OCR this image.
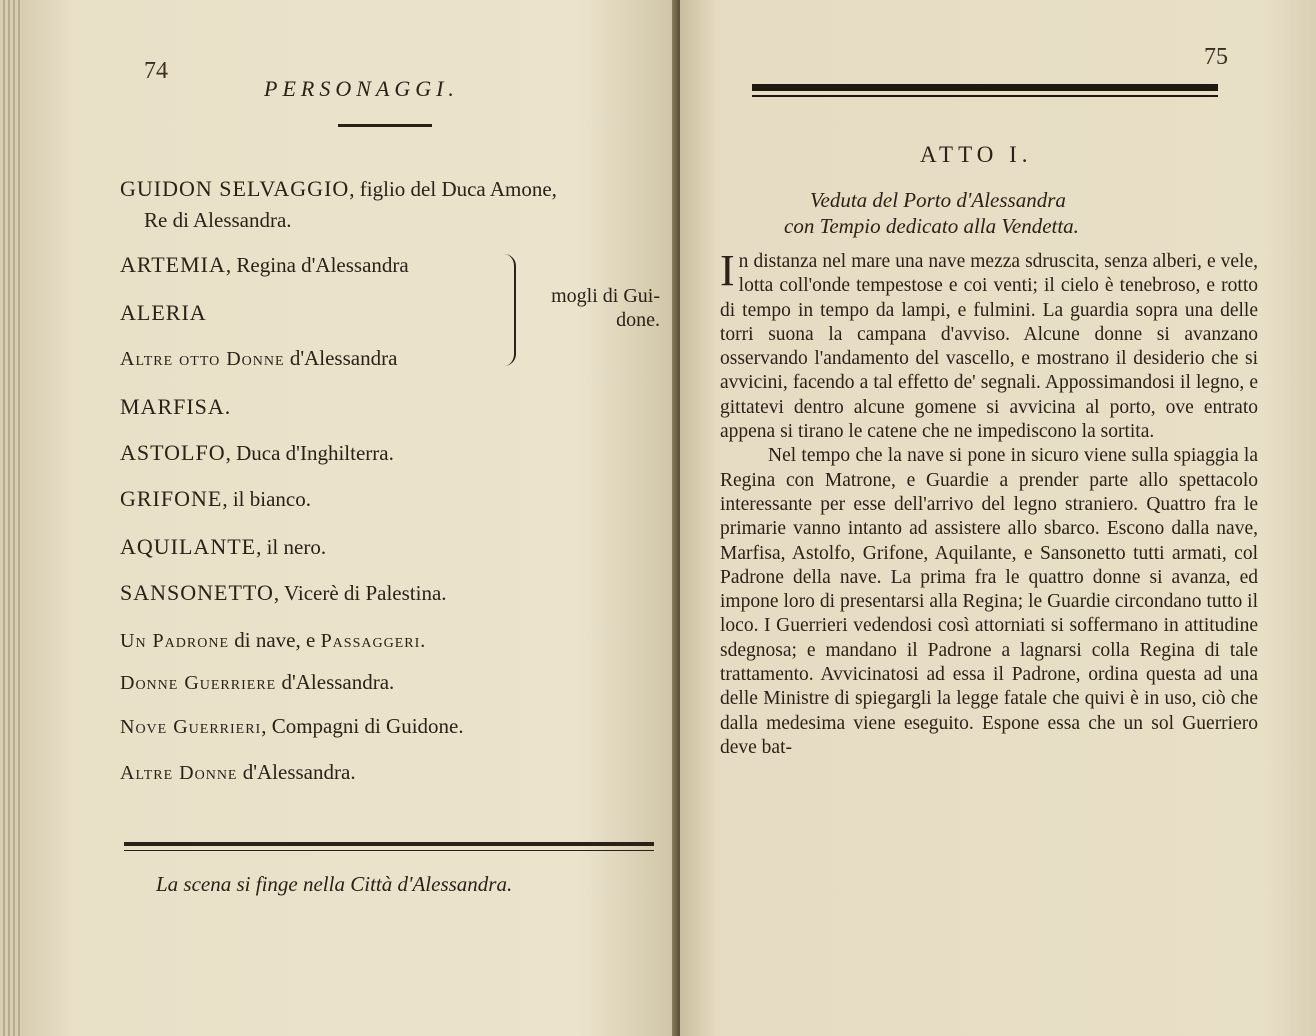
74
PERSONAGGI.
GUIDON SELVAGGIO, figlio del Duca Amone,
Re di Alessandra.
ARTEMIA, Regina d'Alessandra
ALERIA
Altre otto Donne d'Alessandra
mogli di Gui-
done.
MARFISA.
ASTOLFO, Duca d'Inghilterra.
GRIFONE, il bianco.
AQUILANTE, il nero.
SANSONETTO, Vicerè di Palestina.
Un Padrone di nave, e Passaggeri.
Donne Guerriere d'Alessandra.
Nove Guerrieri, Compagni di Guidone.
Altre Donne d'Alessandra.
La scena si finge nella Città d'Alessandra.
75
ATTO I.
Veduta del Porto d'Alessandra
con Tempio dedicato alla Vendetta.

In distanza nel mare una nave mezza sdruscita, senza alberi, e vele, lotta coll'onde tempestose e coi venti; il cielo è tenebroso, e rotto di tempo in tempo da lampi, e fulmini. La guardia sopra una delle torri suona la campana d'avviso. Alcune donne si avanzano osservando l'andamento del vascello, e mostrano il desiderio che si avvicini, facendo a tal effetto de' segnali. Appossimandosi il legno, e gittatevi dentro alcune gomene si avvicina al porto, ove entrato appena si tirano le catene che ne impediscono la sortita.

Nel tempo che la nave si pone in sicuro viene sulla spiaggia la Regina con Matrone, e Guardie a prender parte allo spettacolo interessante per esse dell'arrivo del legno straniero. Quattro fra le primarie vanno intanto ad assistere allo sbarco. Escono dalla nave, Marfisa, Astolfo, Grifone, Aquilante, e Sansonetto tutti armati, col Padrone della nave. La prima fra le quattro donne si avanza, ed impone loro di presentarsi alla Regina; le Guardie circondano tutto il loco. I Guerrieri vedendosi così attorniati si soffermano in attitudine sdegnosa; e mandano il Padrone a lagnarsi colla Regina di tale trattamento. Avvicinatosi ad essa il Padrone, ordina questa ad una delle Ministre di spiegargli la legge fatale che quivi è in uso, ciò che dalla medesima viene eseguito. Espone essa che un sol Guerriero deve bat-
